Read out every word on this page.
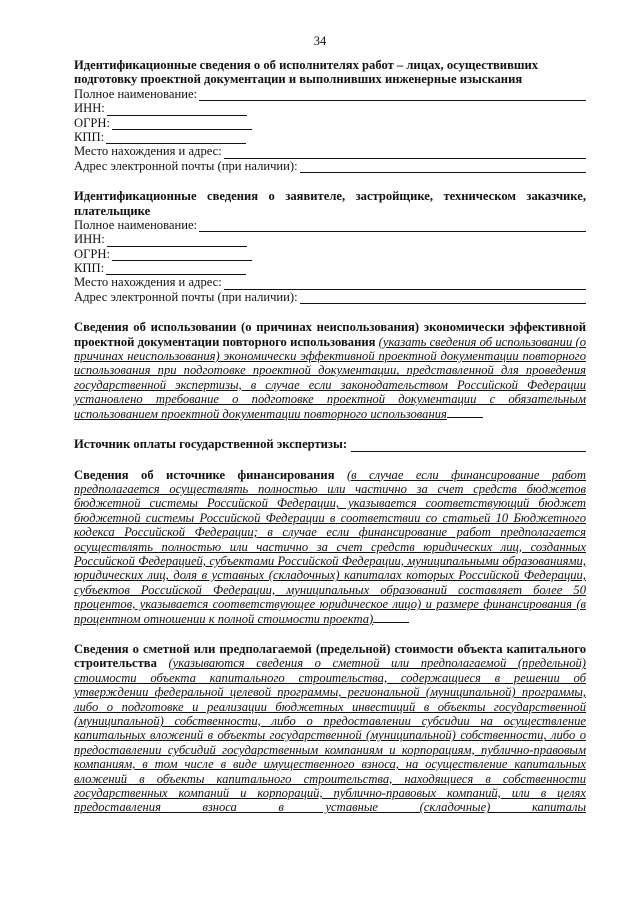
34
Идентификационные сведения о об исполнителях работ – лицах, осуществивших
подготовку проектной документации и выполнивших инженерные изыскания
Полное наименование:
ИНН:
ОГРН:
КПП:
Место нахождения и адрес:
Адрес электронной почты (при наличии):
Идентификационные сведения о заявителе, застройщике, техническом заказчике,
плательщике
Полное наименование:
ИНН:
ОГРН:
КПП:
Место нахождения и адрес:
Адрес электронной почты (при наличии):
Сведения об использовании (о причинах неиспользования) экономически эффективной проектной документации повторного использования (указать сведения об использовании (о причинах неиспользования) экономически эффективной проектной документации повторного использования при подготовке проектной документации, представленной для проведения государственной экспертизы, в случае если законодательством Российской Федерации установлено требование о подготовке проектной документации с обязательным использованием проектной документации повторного использования
Источник оплаты государственной экспертизы:
Сведения об источнике финансирования (в случае если финансирование работ предполагается осуществлять полностью или частично за счет средств бюджетов бюджетной системы Российской Федерации, указывается соответствующий бюджет бюджетной системы Российской Федерации в соответствии со статьей 10 Бюджетного кодекса Российской Федерации; в случае если финансирование работ предполагается осуществлять полностью или частично за счет средств юридических лиц, созданных Российской Федерацией, субъектами Российской Федерации, муниципальными образованиями, юридических лиц, доля в уставных (складочных) капиталах которых Российской Федерации, субъектов Российской Федерации, муниципальных образований составляет более 50 процентов, указывается соответствующее юридическое лицо) и размере финансирования (в процентном отношении к полной стоимости проекта)
Сведения о сметной или предполагаемой (предельной) стоимости объекта капитального строительства (указываются сведения о сметной или предполагаемой (предельной) стоимости объекта капитального строительства, содержащиеся в решении об утверждении федеральной целевой программы, региональной (муниципальной) программы, либо о подготовке и реализации бюджетных инвестиций в объекты государственной (муниципальной) собственности, либо о предоставлении субсидии на осуществление капитальных вложений в объекты государственной (муниципальной) собственности, либо о предоставлении субсидий государственным компаниям и корпорациям, публично-правовым компаниям, в том числе в виде имущественного взноса, на осуществление капитальных вложений в объекты капитального строительства, находящиеся в собственности государственных компаний и корпораций, публично-правовых компаний, или в целях предоставления взноса в уставные (складочные) капиталы
